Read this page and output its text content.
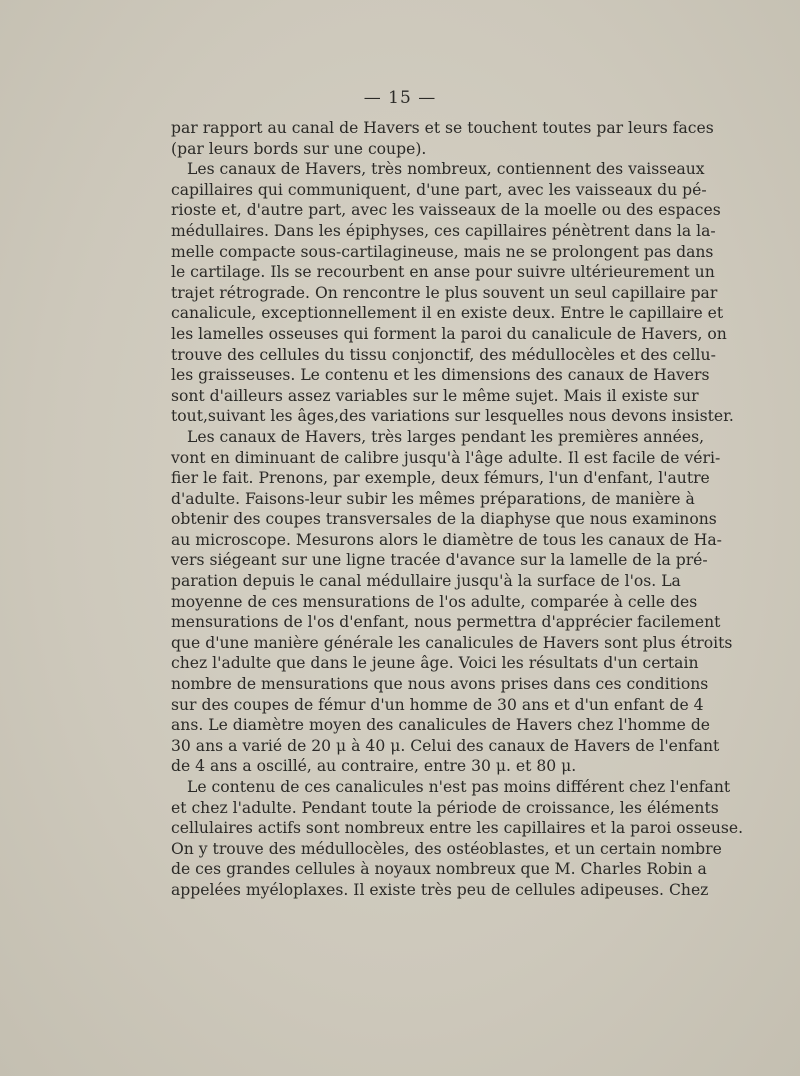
— 15 —

par rapport au canal de Havers et se touchent toutes par leurs faces
(par leurs bords sur une coupe).

Les canaux de Havers, très nombreux, contiennent des vaisseaux
capillaires qui communiquent, d'une part, avec les vaisseaux du pé-
rioste et, d'autre part, avec les vaisseaux de la moelle ou des espaces
médullaires. Dans les épiphyses, ces capillaires pénètrent dans la la-
melle compacte sous-cartilagineuse, mais ne se prolongent pas dans
le cartilage. Ils se recourbent en anse pour suivre ultérieurement un
trajet rétrograde. On rencontre le plus souvent un seul capillaire par
canalicule, exceptionnellement il en existe deux. Entre le capillaire et
les lamelles osseuses qui forment la paroi du canalicule de Havers, on
trouve des cellules du tissu conjonctif, des médullocèles et des cellu-
les graisseuses. Le contenu et les dimensions des canaux de Havers
sont d'ailleurs assez variables sur le même sujet. Mais il existe sur
tout,suivant les âges,des variations sur lesquelles nous devons insister.

Les canaux de Havers, très larges pendant les premières années,
vont en diminuant de calibre jusqu'à l'âge adulte. Il est facile de véri-
fier le fait. Prenons, par exemple, deux fémurs, l'un d'enfant, l'autre
d'adulte. Faisons-leur subir les mêmes préparations, de manière à
obtenir des coupes transversales de la diaphyse que nous examinons
au microscope. Mesurons alors le diamètre de tous les canaux de Ha-
vers siégeant sur une ligne tracée d'avance sur la lamelle de la pré-
paration depuis le canal médullaire jusqu'à la surface de l'os. La
moyenne de ces mensurations de l'os adulte, comparée à celle des
mensurations de l'os d'enfant, nous permettra d'apprécier facilement
que d'une manière générale les canalicules de Havers sont plus étroits
chez l'adulte que dans le jeune âge. Voici les résultats d'un certain
nombre de mensurations que nous avons prises dans ces conditions
sur des coupes de fémur d'un homme de 30 ans et d'un enfant de 4
ans. Le diamètre moyen des canalicules de Havers chez l'homme de
30 ans a varié de 20 μ à 40 μ. Celui des canaux de Havers de l'enfant
de 4 ans a oscillé, au contraire, entre 30 μ. et 80 μ.

Le contenu de ces canalicules n'est pas moins différent chez l'enfant
et chez l'adulte. Pendant toute la période de croissance, les éléments
cellulaires actifs sont nombreux entre les capillaires et la paroi osseuse.
On y trouve des médullocèles, des ostéoblastes, et un certain nombre
de ces grandes cellules à noyaux nombreux que M. Charles Robin a
appelées myéloplaxes. Il existe très peu de cellules adipeuses. Chez
